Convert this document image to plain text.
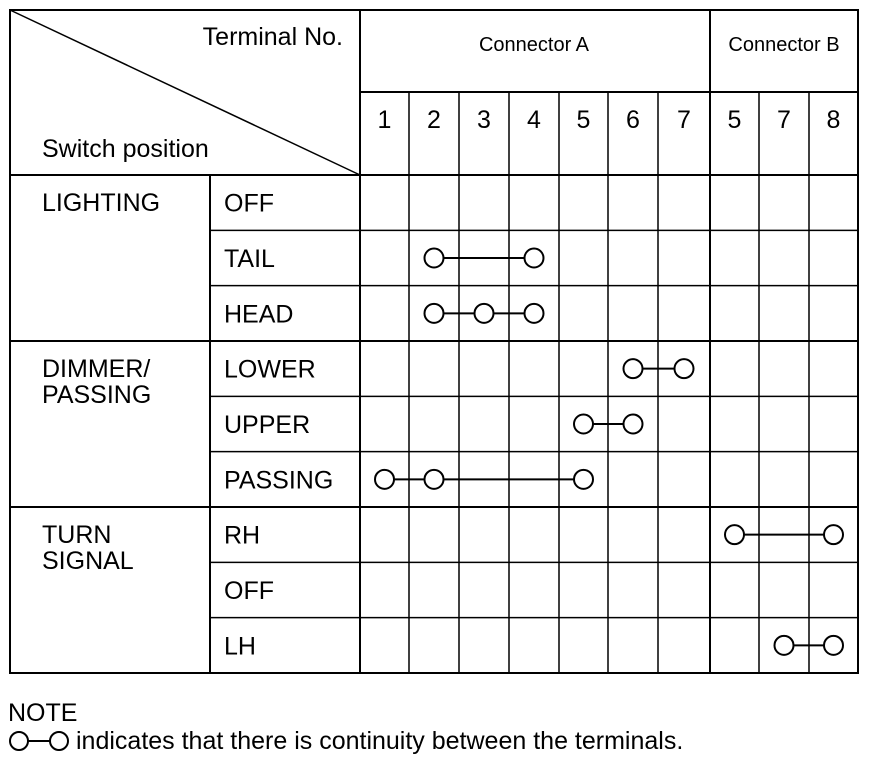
Terminal No.
Switch position
Connector A	Connector B
1 2 3 4 5 6 7 5 7 8
LIGHTING	OFF
TAIL
HEAD
DIMMER/
PASSING
LOWER
UPPER
PASSING
TURN
SIGNAL
RH
OFF
LH
NOTE
indicates that there is continuity between the terminals.
